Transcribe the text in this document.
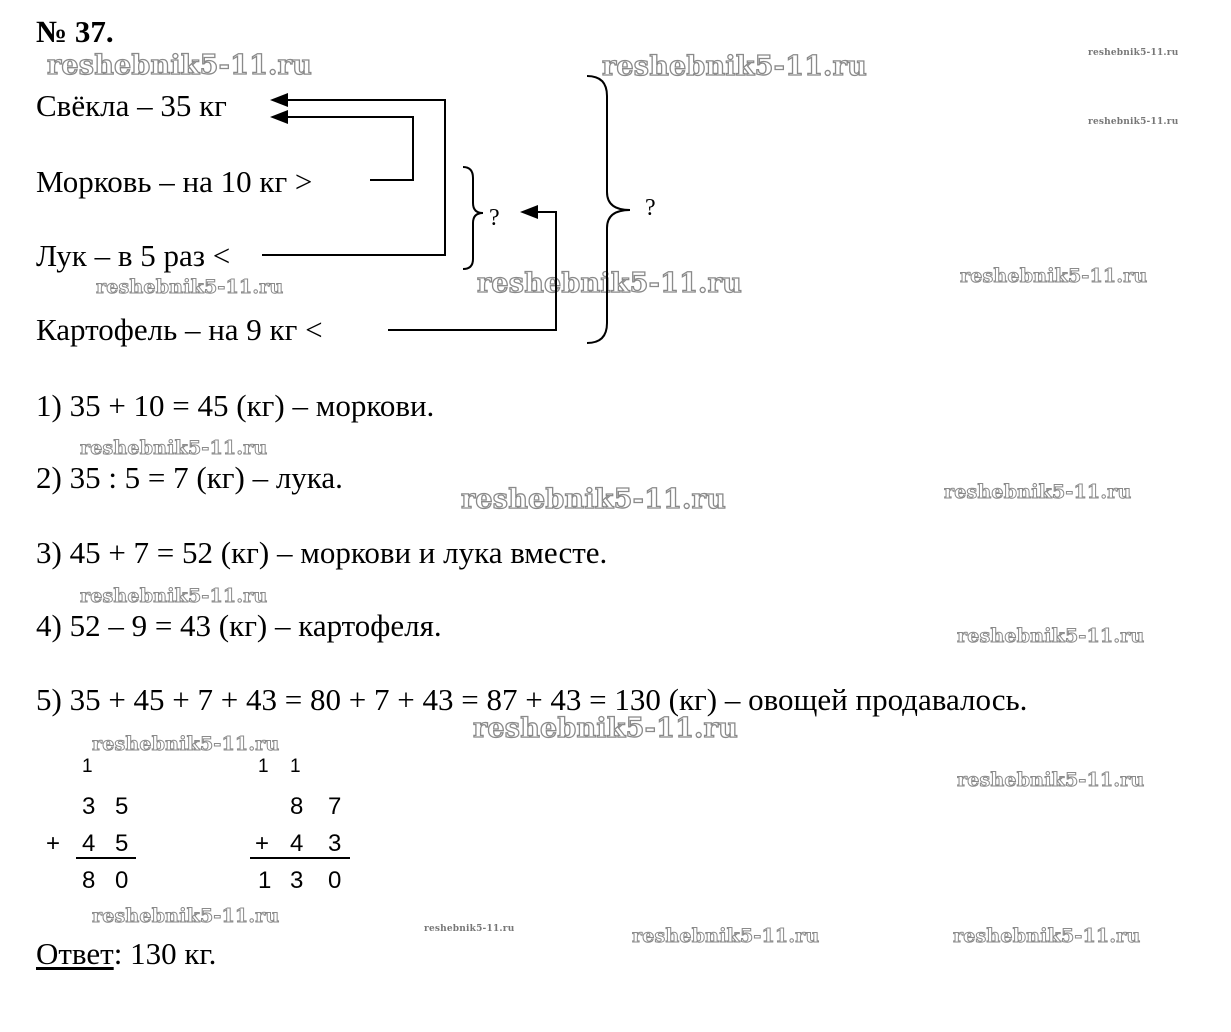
reshebnik5-11.ru	reshebnik5-11.ru	reshebnik5-11.ru
reshebnik5-11.ru
reshebnik5-11.ru	reshebnik5-11.ru
reshebnik5-11.ru
reshebnik5-11.ru
reshebnik5-11.ru	reshebnik5-11.ru
reshebnik5-11.ru
reshebnik5-11.ru
reshebnik5-11.ru
reshebnik5-11.ru
reshebnik5-11.ru
reshebnik5-11.ru
reshebnik5-11.ru	reshebnik5-11.ru	reshebnik5-11.ru
№ 37.
Свёкла – 35 кг
Морковь – на 10 кг >
Лук – в 5 раз <
Картофель – на 9 кг <
?	?
1) 35 + 10 = 45 (кг) – моркови.
2) 35 : 5 = 7 (кг) – лука.
3) 45 + 7 = 52 (кг) – моркови и лука вместе.
4) 52 – 9 = 43 (кг) – картофеля.
5) 35 + 45 + 7 + 43 = 80 + 7 + 43 = 87 + 43 = 130 (кг) – овощей продавалось.
1
3 5
+ 4 5
8 0
1 1
8 7
+ 4 3
1 3 0
Ответ: 130 кг.
